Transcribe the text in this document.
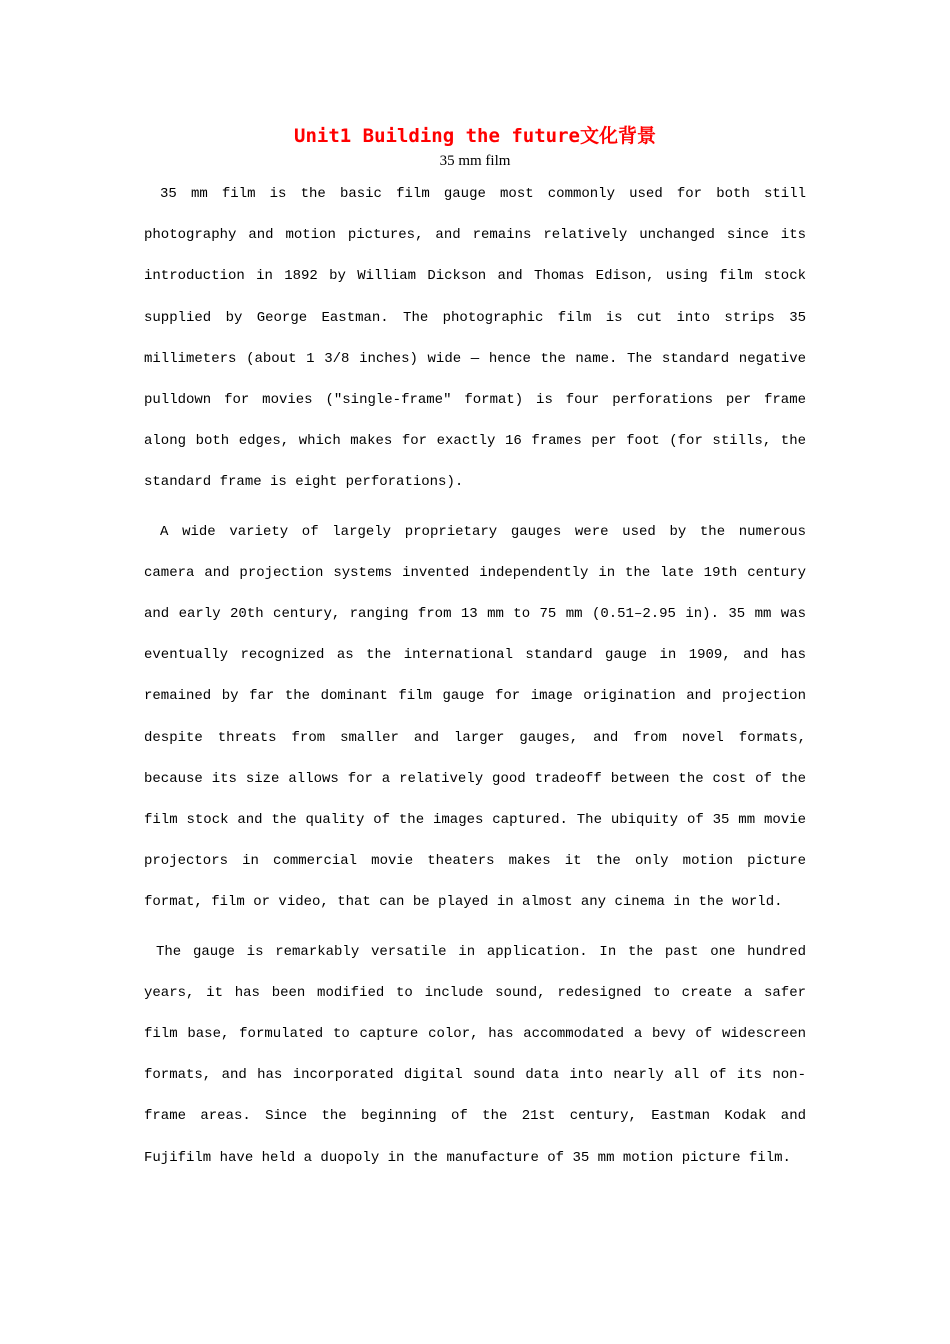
Unit1 Building the future文化背景
35 mm film

35 mm film is the basic film gauge most commonly used for both still photography and motion pictures, and remains relatively unchanged since its introduction in 1892 by William Dickson and Thomas Edison, using film stock supplied by George Eastman. The photographic film is cut into strips 35 millimeters (about 1 3/8 inches) wide — hence the name. The standard negative pulldown for movies ("single-frame" format) is four perforations per frame along both edges, which makes for exactly 16 frames per foot (for stills, the standard frame is eight perforations).

A wide variety of largely proprietary gauges were used by the numerous camera and projection systems invented independently in the late 19th century and early 20th century, ranging from 13 mm to 75 mm (0.51–2.95 in). 35 mm was eventually recognized as the international standard gauge in 1909, and has remained by far the dominant film gauge for image origination and projection despite threats from smaller and larger gauges, and from novel formats, because its size allows for a relatively good tradeoff between the cost of the film stock and the quality of the images captured. The ubiquity of 35 mm movie projectors in commercial movie theaters makes it the only motion picture format, film or video, that can be played in almost any cinema in the world.

The gauge is remarkably versatile in application. In the past one hundred years, it has been modified to include sound, redesigned to create a safer film base, formulated to capture color, has accommodated a bevy of widescreen formats, and has incorporated digital sound data into nearly all of its non-frame areas. Since the beginning of the 21st century, Eastman Kodak and Fujifilm have held a duopoly in the manufacture of 35 mm motion picture film.
